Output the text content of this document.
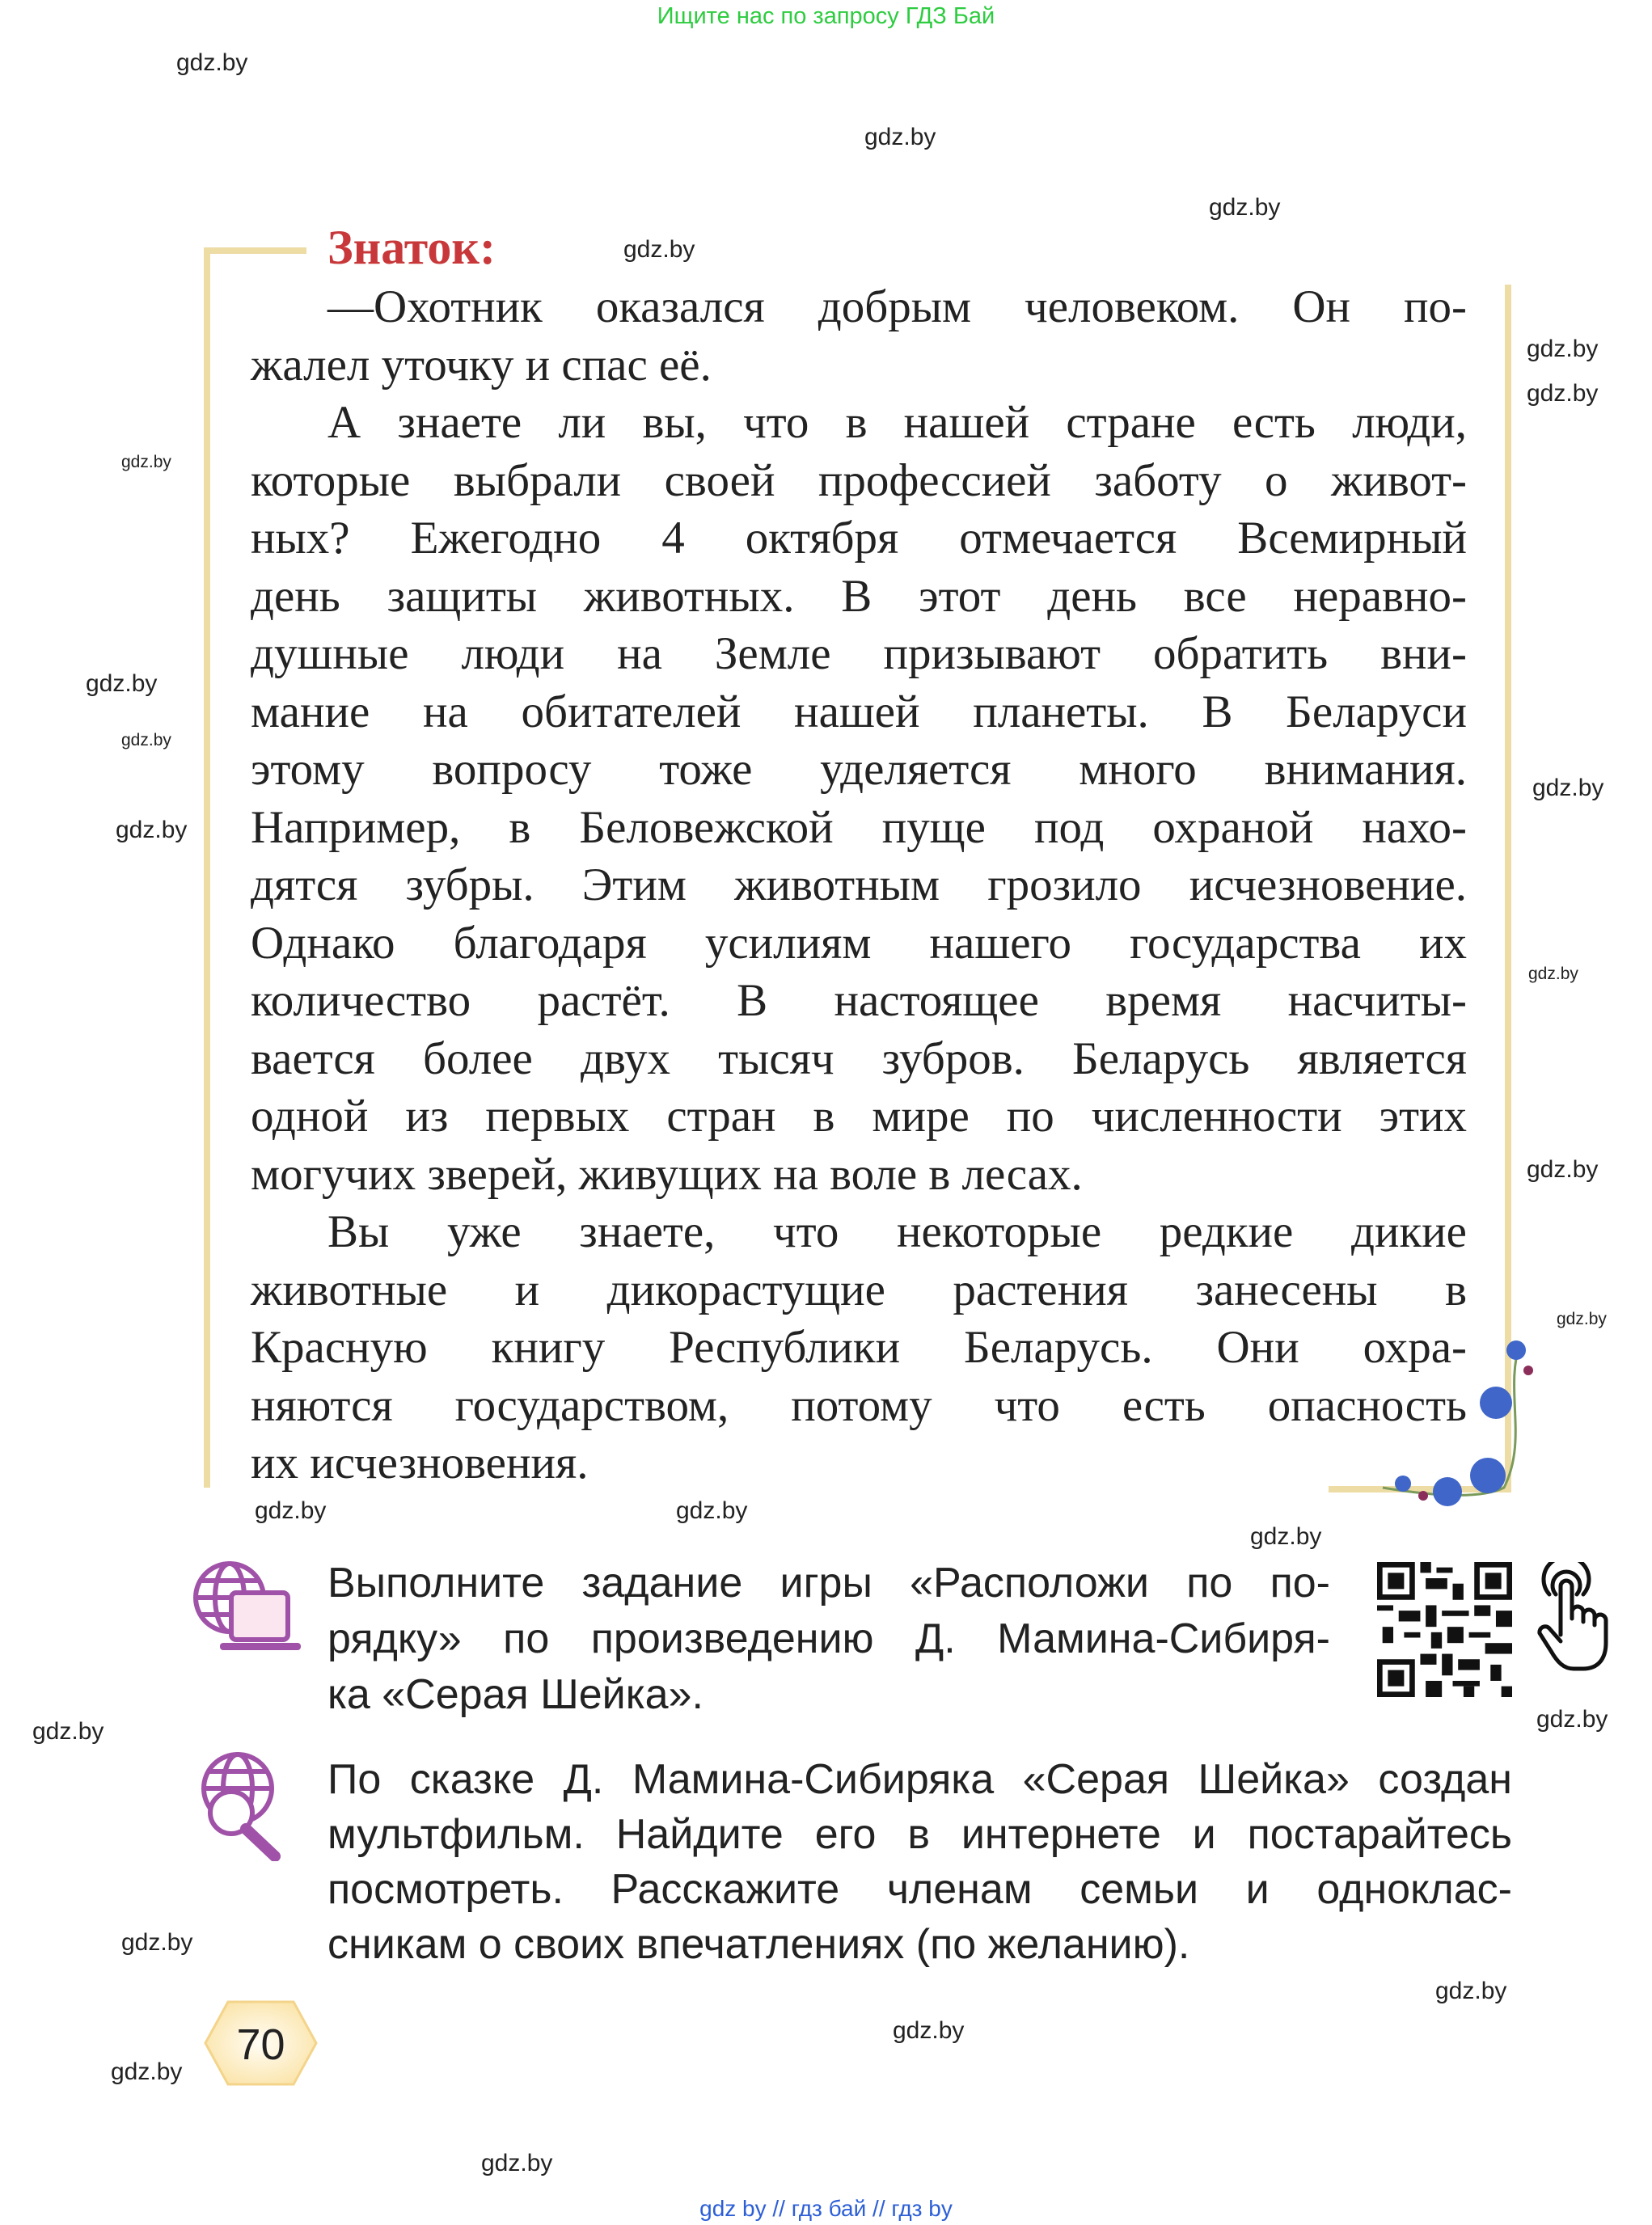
Ищите нас по запросу ГДЗ Бай
Знаток:
—Охотник оказался добрым человеком. Он по-
жалел уточку и спас её.
А знаете ли вы, что в нашей стране есть люди,
которые выбрали своей профессией заботу о живот-
ных? Ежегодно 4 октября отмечается Всемирный
день защиты животных. В этот день все неравно-
душные люди на Земле призывают обратить вни-
мание на обитателей нашей планеты. В Беларуси
этому вопросу тоже уделяется много внимания.
Например, в Беловежской пуще под охраной нахо-
дятся зубры. Этим животным грозило исчезновение.
Однако благодаря усилиям нашего государства их
количество растёт. В настоящее время насчиты-
вается более двух тысяч зубров. Беларусь является
одной из первых стран в мире по численности этих
могучих зверей, живущих на воле в лесах.
Вы уже знаете, что некоторые редкие дикие
животные и дикорастущие растения занесены в
Красную книгу Республики Беларусь. Они охра-
няются государством, потому что есть опасность
их исчезновения.
Выполните задание игры «Расположи по по-
рядку» по произведению Д. Мамина-Сибиря-
ка «Серая Шейка».
По сказке Д. Мамина-Сибиряка «Серая Шейка» создан
мультфильм. Найдите его в интернете и постарайтесь
посмотреть. Расскажите членам семьи и одноклас-
сникам о своих впечатлениях (по желанию).
70
gdz.by
gdz.by
gdz.by
gdz.by
gdz.by
gdz.by
gdz.by
gdz.by
gdz.by
gdz.by
gdz.by
gdz.by
gdz.by
gdz.by
gdz.by
gdz.by
gdz.by
gdz.by
gdz.by
gdz.by
gdz.by
gdz.by
gdz.by
gdz.by
gdz by // гдз бай // гдз by
